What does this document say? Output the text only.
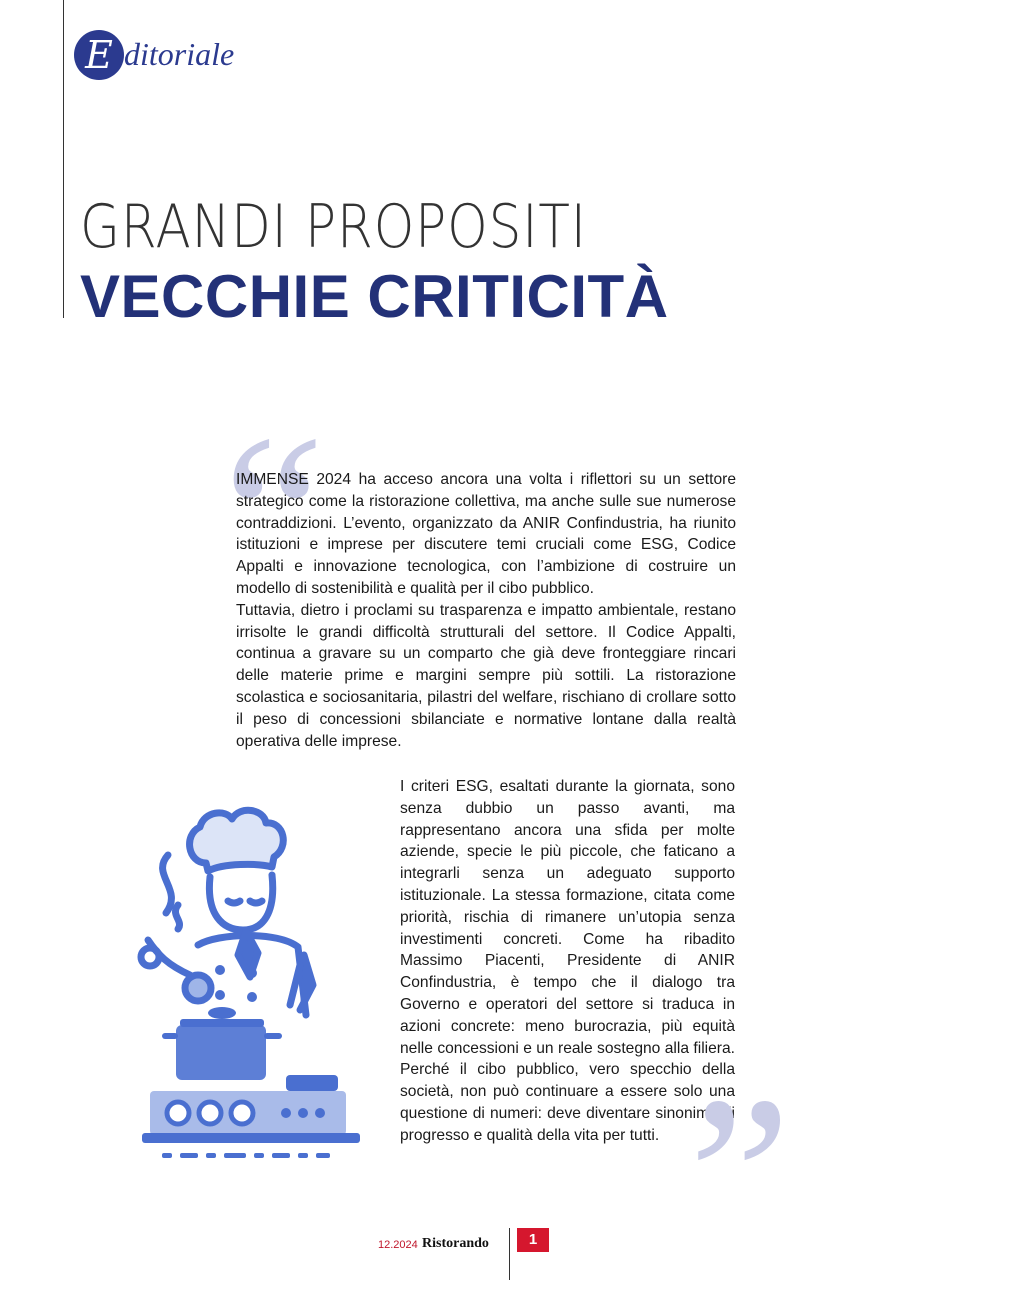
E ditoriale
GRANDI PROPOSITI
VECCHIE CRITICITÀ
“

IMMENSE 2024 ha acceso ancora una volta i riflettori su un settore strategico come la ristorazione collettiva, ma anche sulle sue numerose contraddizioni. L’evento, organizzato da ANIR Confindustria, ha riunito istituzioni e imprese per discutere temi cruciali come ESG, Codice Appalti e innovazione tecnologica, con l’ambizione di costruire un modello di sostenibilità e qualità per il cibo pubblico.

Tuttavia, dietro i proclami su trasparenza e impatto ambientale, restano irrisolte le grandi difficoltà strutturali del settore. Il Codice Appalti, continua a gravare su un comparto che già deve fronteggiare rincari delle materie prime e margini sempre più sottili. La ristorazione scolastica e sociosanitaria, pilastri del welfare, rischiano di crollare sotto il peso di concessioni sbilanciate e normative lontane dalla realtà operativa delle imprese.

I criteri ESG, esaltati durante la giornata, sono senza dubbio un passo avanti, ma rappresentano ancora una sfida per molte aziende, specie le più piccole, che faticano a integrarli senza un adeguato supporto istituzionale. La stessa formazione, citata come priorità, rischia di rimanere un’utopia senza investimenti concreti. Come ha ribadito Massimo Piacenti, Presidente di ANIR Confindustria, è tempo che il dialogo tra Governo e operatori del settore si traduca in azioni concrete: meno burocrazia, più equità nelle concessioni e un reale sostegno alla filiera. Perché il cibo pubblico, vero specchio della società, non può continuare a essere solo una questione di numeri: deve diventare sinonimo di progresso e qualità della vita per tutti. ”
12.2024 Ristorando	1
